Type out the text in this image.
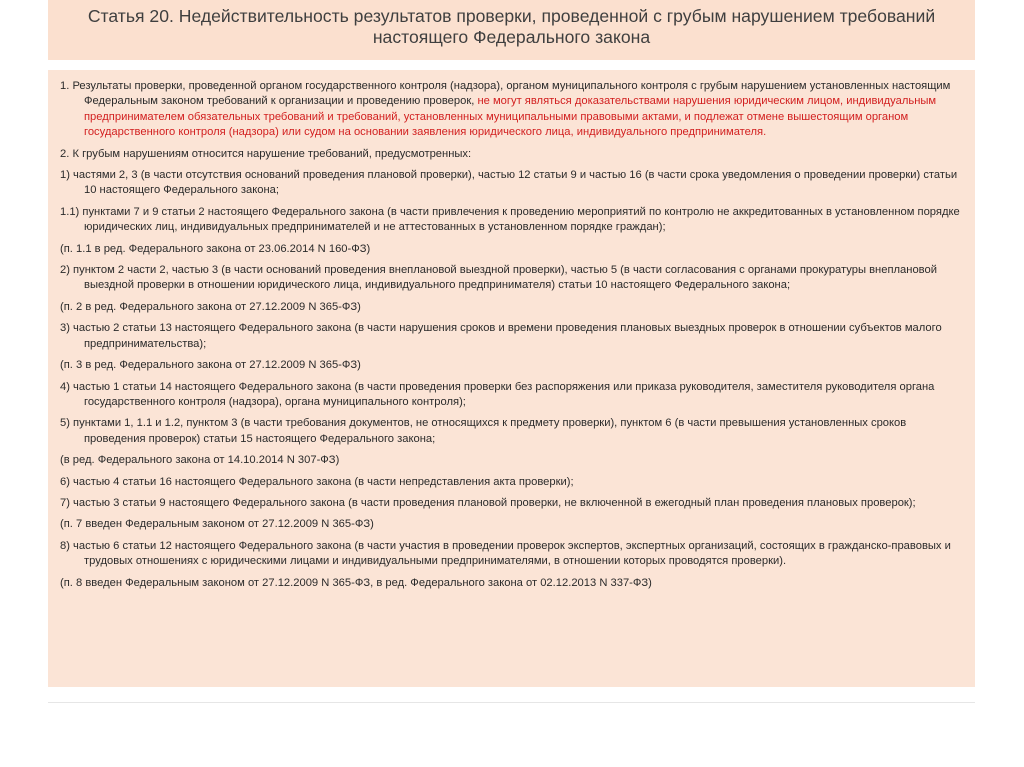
Статья 20. Недействительность результатов проверки, проведенной с грубым нарушением требований
настоящего Федерального закона

1. Результаты проверки, проведенной органом государственного контроля (надзора), органом муниципального контроля с грубым нарушением установленных настоящим Федеральным законом требований к организации и проведению проверок, не могут являться доказательствами нарушения юридическим лицом, индивидуальным предпринимателем обязательных требований и требований, установленных муниципальными правовыми актами, и подлежат отмене вышестоящим органом государственного контроля (надзора) или судом на основании заявления юридического лица, индивидуального предпринимателя.

2. К грубым нарушениям относится нарушение требований, предусмотренных:

1) частями 2, 3 (в части отсутствия оснований проведения плановой проверки), частью 12 статьи 9 и частью 16 (в части срока уведомления о проведении проверки) статьи 10 настоящего Федерального закона;

1.1) пунктами 7 и 9 статьи 2 настоящего Федерального закона (в части привлечения к проведению мероприятий по контролю не аккредитованных в установленном порядке юридических лиц, индивидуальных предпринимателей и не аттестованных в установленном порядке граждан);

(п. 1.1 в ред. Федерального закона от 23.06.2014 N 160-ФЗ)

2) пунктом 2 части 2, частью 3 (в части оснований проведения внеплановой выездной проверки), частью 5 (в части согласования с органами прокуратуры внеплановой выездной проверки в отношении юридического лица, индивидуального предпринимателя) статьи 10 настоящего Федерального закона;

(п. 2 в ред. Федерального закона от 27.12.2009 N 365-ФЗ)

3) частью 2 статьи 13 настоящего Федерального закона (в части нарушения сроков и времени проведения плановых выездных проверок в отношении субъектов малого предпринимательства);

(п. 3 в ред. Федерального закона от 27.12.2009 N 365-ФЗ)

4) частью 1 статьи 14 настоящего Федерального закона (в части проведения проверки без распоряжения или приказа руководителя, заместителя руководителя органа государственного контроля (надзора), органа муниципального контроля);

5) пунктами 1, 1.1 и 1.2, пунктом 3 (в части требования документов, не относящихся к предмету проверки), пунктом 6 (в части превышения установленных сроков проведения проверок) статьи 15 настоящего Федерального закона;

(в ред. Федерального закона от 14.10.2014 N 307-ФЗ)

6) частью 4 статьи 16 настоящего Федерального закона (в части непредставления акта проверки);

7) частью 3 статьи 9 настоящего Федерального закона (в части проведения плановой проверки, не включенной в ежегодный план проведения плановых проверок);

(п. 7 введен Федеральным законом от 27.12.2009 N 365-ФЗ)

8) частью 6 статьи 12 настоящего Федерального закона (в части участия в проведении проверок экспертов, экспертных организаций, состоящих в гражданско-правовых и трудовых отношениях с юридическими лицами и индивидуальными предпринимателями, в отношении которых проводятся проверки).

(п. 8 введен Федеральным законом от 27.12.2009 N 365-ФЗ, в ред. Федерального закона от 02.12.2013 N 337-ФЗ)
